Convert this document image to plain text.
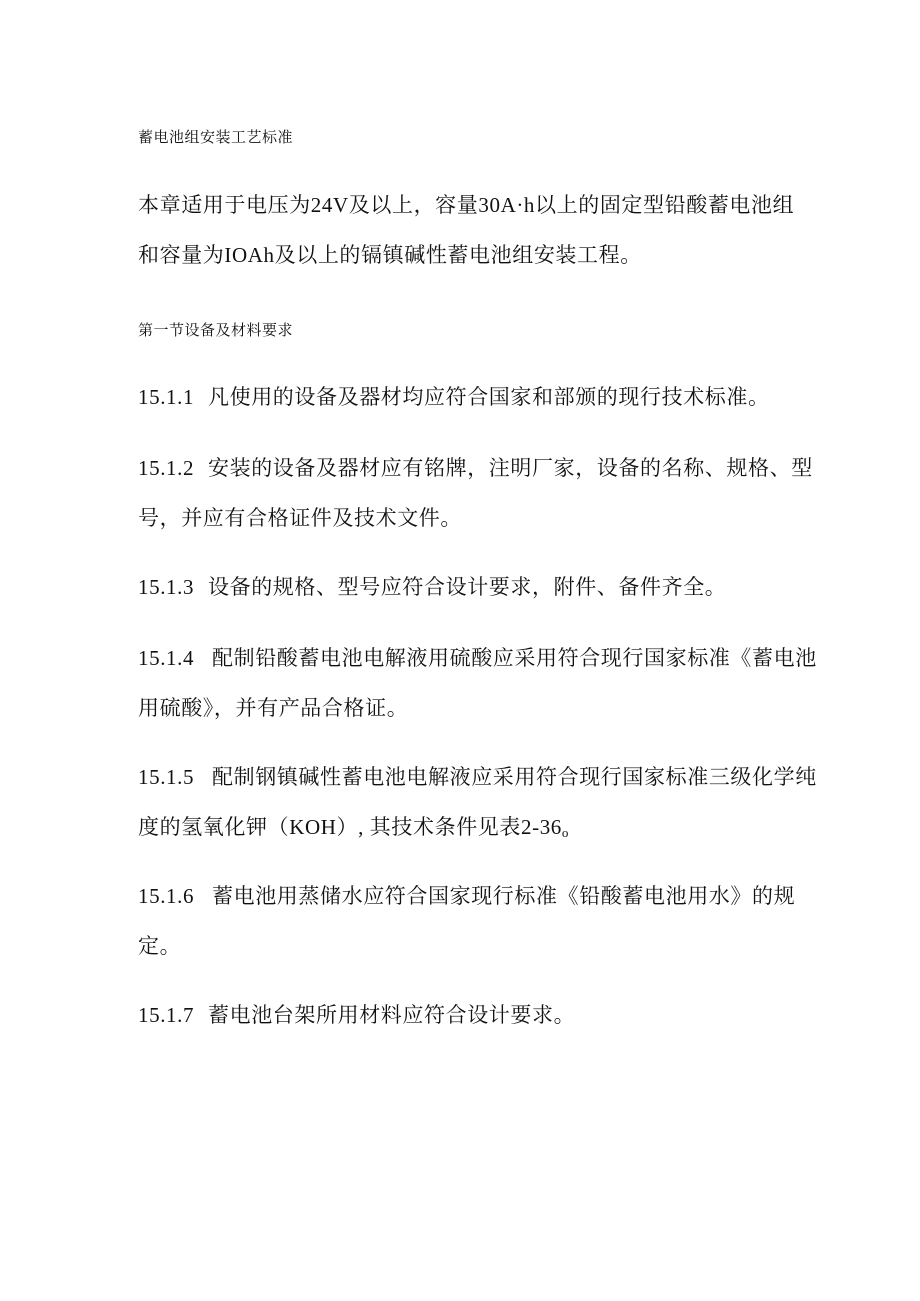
蓄电池组安装工艺标准
本章适用于电压为24V及以上，容量30A·h以上的固定型铅酸蓄电池组
和容量为IOAh及以上的镉镇碱性蓄电池组安装工程。
第一节设备及材料要求
15.1.1 凡使用的设备及器材均应符合国家和部颁的现行技术标准。
15.1.2 安装的设备及器材应有铭牌，注明厂家，设备的名称、规格、型
号，并应有合格证件及技术文件。
15.1.3 设备的规格、型号应符合设计要求，附件、备件齐全。
15.1.4 配制铅酸蓄电池电解液用硫酸应采用符合现行国家标准《蓄电池
用硫酸》，并有产品合格证。
15.1.5 配制钢镇碱性蓄电池电解液应采用符合现行国家标准三级化学纯
度的氢氧化钾（KOH）, 其技术条件见表2-36o
15.1.6 蓄电池用蒸储水应符合国家现行标准《铅酸蓄电池用水》的规
定。
15.1.7 蓄电池台架所用材料应符合设计要求。
